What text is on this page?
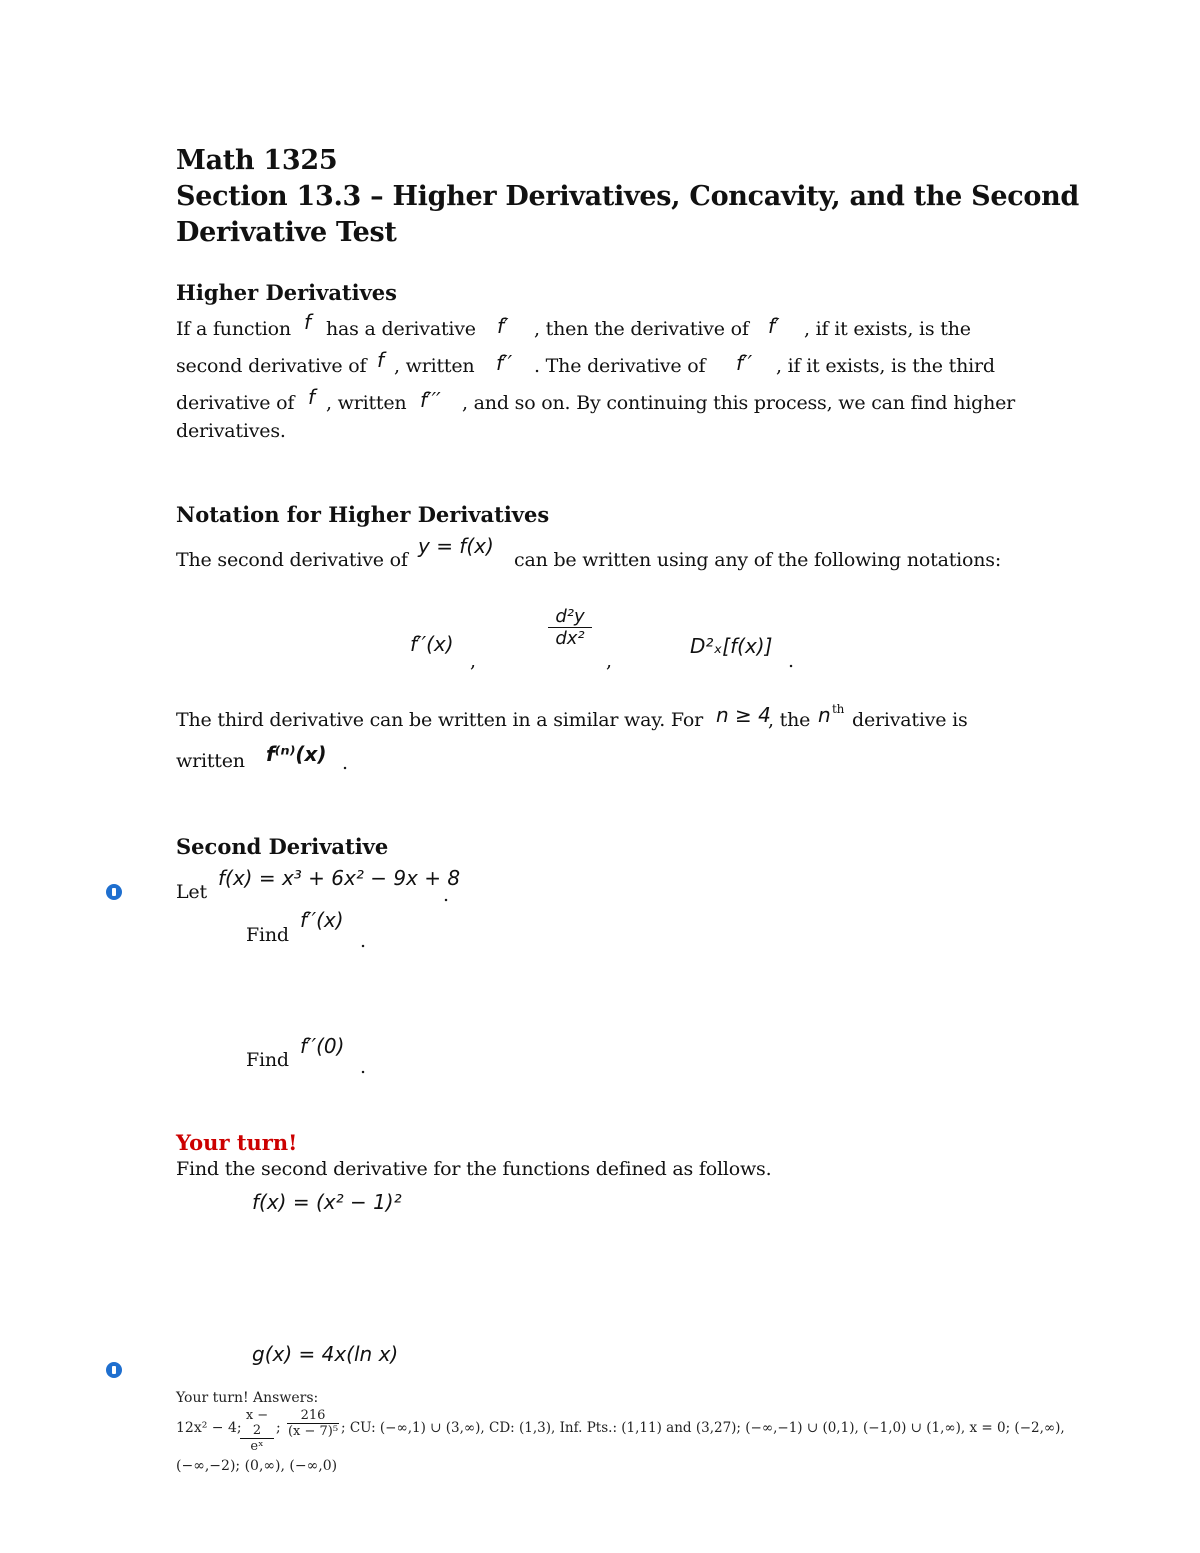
Math 1325
Section 13.3 – Higher Derivatives, Concavity, and the Second
Derivative Test
Higher Derivatives
If a function f has a derivative f′ , then the derivative of f′ , if it exists, is the
second derivative of f , written f′′ . The derivative of f′′ , if it exists, is the third
derivative of f , written f′′′ , and so on. By continuing this process, we can find higher
derivatives.
Notation for Higher Derivatives
The second derivative of
y = f(x)
can be written using any of the following notations:
f′′(x)
,
d²y
dx²
,
D²ₓ[f(x)]
.
The third derivative can be written in a similar way. For n ≥ 4
, the n th derivative is
written f⁽ⁿ⁾(x) .
Second Derivative
Let
f(x) = x³ + 6x² − 9x + 8
.
Find
f′′(x)
.
Find
f′′(0)
.
Your turn!
Find the second derivative for the functions defined as follows.
f(x) = (x² − 1)²
g(x) = 4x(ln x)
Your turn! Answers:
12x² − 4;
x − 2
eˣ
;
216
(x − 7)⁵ ; CU: (−∞,1) ∪ (3,∞), CD: (1,3), Inf. Pts.: (1,11) and (3,27); (−∞,−1) ∪ (0,1), (−1,0) ∪ (1,∞), x = 0; (−2,∞),
(−∞,−2); (0,∞), (−∞,0)
